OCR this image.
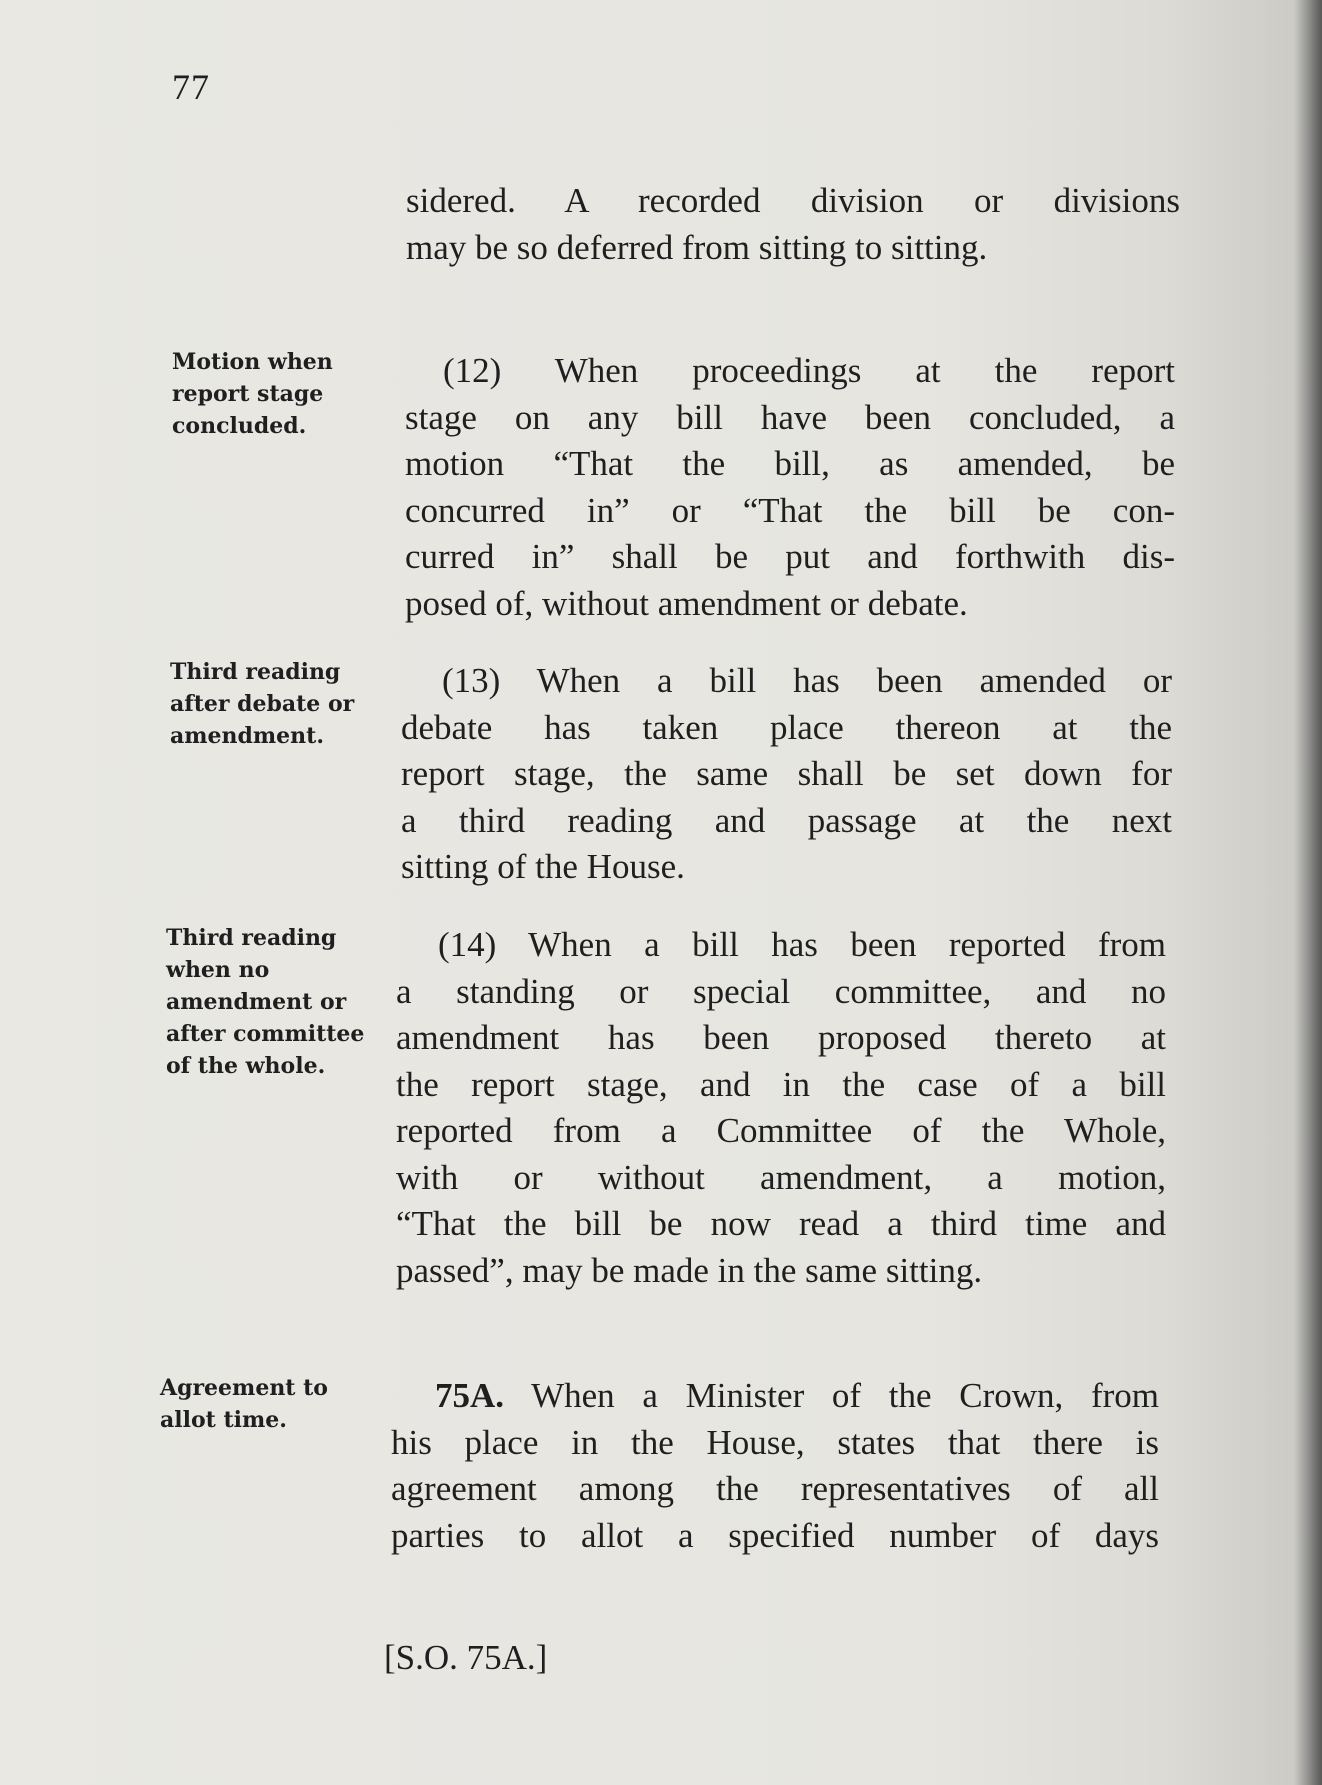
77
sidered. A recorded division or divisions
may be so deferred from sitting to sitting.
Motion when
report stage
concluded.
(12) When proceedings at the report
stage on any bill have been concluded, a
motion “That the bill, as amended, be
concurred in” or “That the bill be con-
curred in” shall be put and forthwith dis-
posed of, without amendment or debate.
Third reading
after debate or
amendment.
(13) When a bill has been amended or
debate has taken place thereon at the
report stage, the same shall be set down for
a third reading and passage at the next
sitting of the House.
Third reading
when no
amendment or
after committee
of the whole.
(14) When a bill has been reported from
a standing or special committee, and no
amendment has been proposed thereto at
the report stage, and in the case of a bill
reported from a Committee of the Whole,
with or without amendment, a motion,
“That the bill be now read a third time and
passed”, may be made in the same sitting.
Agreement to
allot time.
75A. When a Minister of the Crown, from
his place in the House, states that there is
agreement among the representatives of all
parties to allot a specified number of days
[S.O. 75A.]
